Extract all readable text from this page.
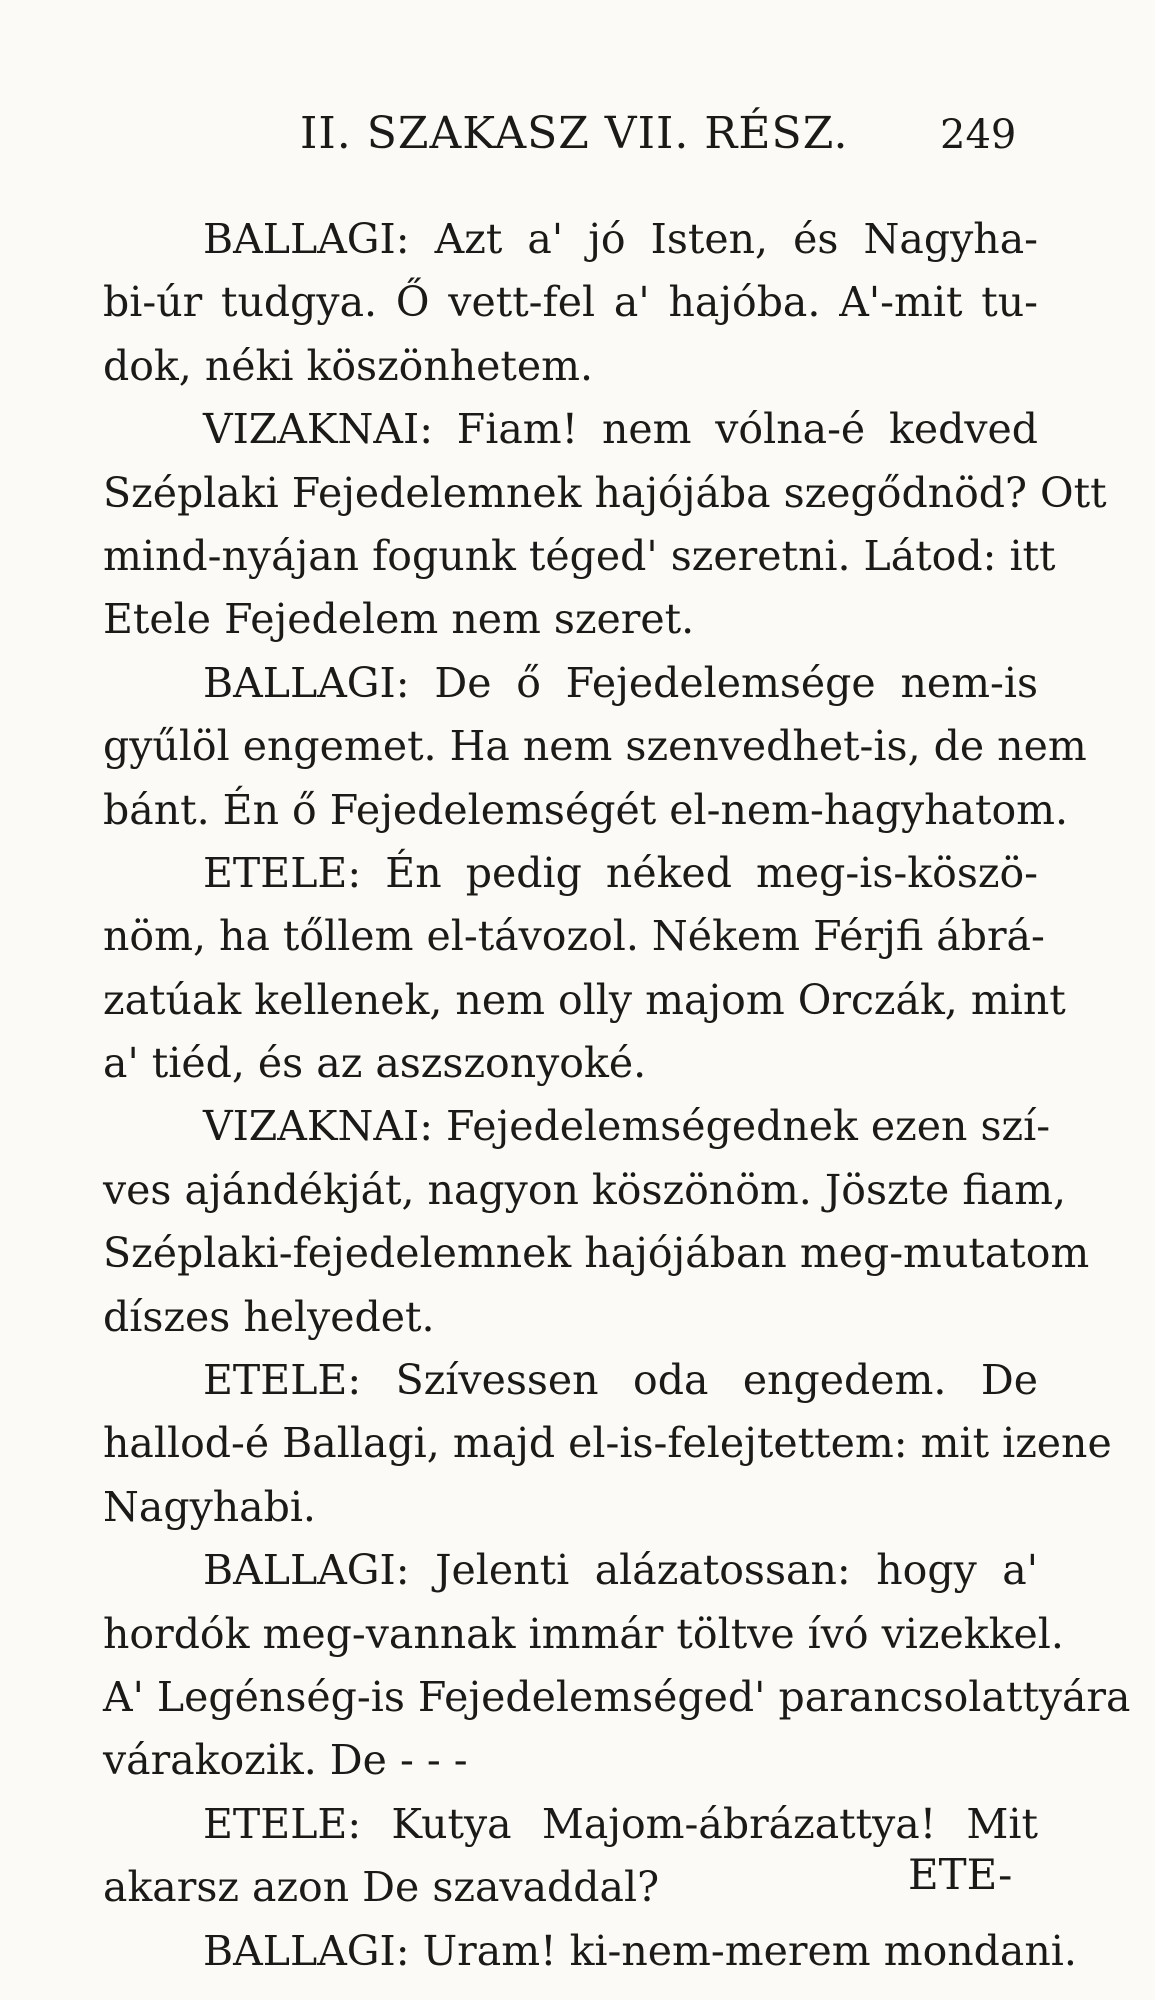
II. SZAKASZ VII. RÉSZ. 249
BALLAGI: Azt a' jó Isten, és Nagyha-
bi-úr tudgya. Ő vett-fel a' hajóba. A'-mit tu-
dok, néki köszönhetem.
VIZAKNAI: Fiam! nem vólna-é kedved
Széplaki Fejedelemnek hajójába szegődnöd? Ott
mind-nyájan fogunk téged' szeretni. Látod: itt
Etele Fejedelem nem szeret.
BALLAGI: De ő Fejedelemsége nem-is
gyűlöl engemet. Ha nem szenvedhet-is, de nem
bánt. Én ő Fejedelemségét el-nem-hagyhatom.
ETELE: Én pedig néked meg-is-köszö-
nöm, ha tőllem el-távozol. Nékem Férjfi ábrá-
zatúak kellenek, nem olly majom Orczák, mint
a' tiéd, és az aszszonyoké.
VIZAKNAI: Fejedelemségednek ezen szí-
ves ajándékját, nagyon köszönöm. Jöszte fiam,
Széplaki-fejedelemnek hajójában meg-mutatom
díszes helyedet.
ETELE: Szívessen oda engedem. De
hallod-é Ballagi, majd el-is-felejtettem: mit izene
Nagyhabi.
BALLAGI: Jelenti alázatossan: hogy a'
hordók meg-vannak immár töltve ívó vizekkel.
A' Legénség-is Fejedelemséged' parancsolattyára
várakozik. De - - -
ETELE: Kutya Majom-ábrázattya! Mit
akarsz azon De szavaddal?
BALLAGI: Uram! ki-nem-merem mondani.
ETE-
